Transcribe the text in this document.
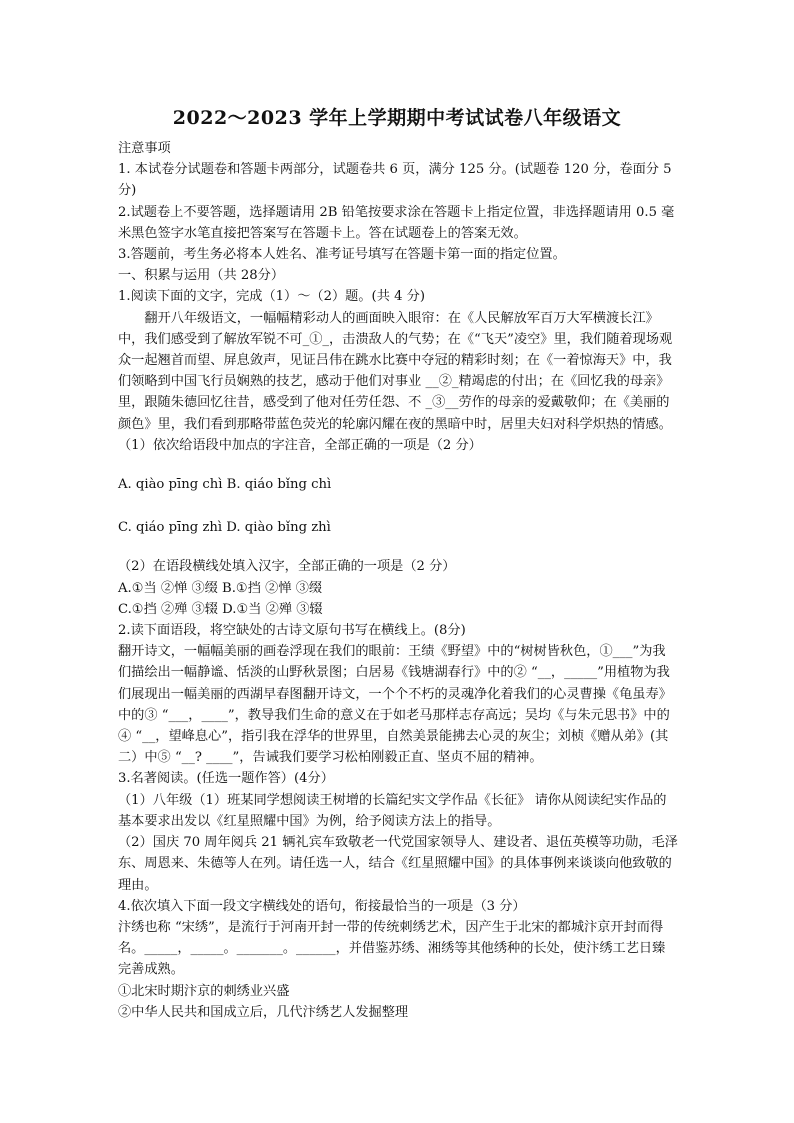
2022～2023 学年上学期期中考试试卷八年级语文

注意事项

1. 本试卷分试题卷和答题卡两部分，试题卷共 6 页，满分 125 分。(试题卷 120 分，卷面分 5 分)

2.试题卷上不要答题，选择题请用 2B 铅笔按要求涂在答题卡上指定位置，非选择题请用 0.5 毫米黑色签字水笔直接把答案写在答题卡上。答在试题卷上的答案无效。

3.答题前，考生务必将本人姓名、准考证号填写在答题卡第一面的指定位置。

一、积累与运用（共 28分）

1.阅读下面的文字，完成（1）～（2）题。(共 4 分)

翻开八年级语文，一幅幅精彩动人的画面映入眼帘：在《人民解放军百万大军横渡长江》中，我们感受到了解放军锐不可_①_，击溃敌人的气势；在《“飞天”凌空》里，我们随着现场观众一起翘首而望、屏息敛声，见证吕伟在跳水比赛中夺冠的精彩时刻；在《一着惊海天》中，我们领略到中国飞行员娴熟的技艺，感动于他们对事业 __②_精竭虑的付出；在《回忆我的母亲》里，跟随朱德回忆往昔，感受到了他对任劳任怨、不 _③__劳作的母亲的爱戴敬仰；在《美丽的颜色》里，我们看到那略带蓝色荧光的轮廓闪耀在夜的黑暗中时，居里夫妇对科学炽热的情感。

（1）依次给语段中加点的字注音，全部正确的一项是（2 分）

A. qiào pīng chì B. qiáo bǐng chì

C. qiáo pīng zhì D. qiào bǐng zhì

（2）在语段横线处填入汉字，全部正确的一项是（2 分）

A.①当 ②惮 ③缀 B.①挡 ②惮 ③缀

C.①挡 ②殚 ③辍 D.①当 ②殚 ③辍

2.读下面语段，将空缺处的古诗文原句书写在横线上。(8分)

翻开诗文，一幅幅美丽的画卷浮现在我们的眼前：王绩《野望》中的“树树皆秋色，①___”为我们描绘出一幅静谧、恬淡的山野秋景图；白居易《钱塘湖春行》中的② “__，_____”用植物为我们展现出一幅美丽的西湖早春图翻开诗文，一个个不朽的灵魂净化着我们的心灵曹操《龟虽寿》中的③ “___，____”，教导我们生命的意义在于如老马那样志存高远；吴均《与朱元思书》中的④ “__，望峰息心”，指引我在浮华的世界里，自然美景能拂去心灵的灰尘；刘桢《赠从弟》(其二）中⑤ “__? ____”，告诫我们要学习松柏刚毅正直、坚贞不屈的精神。

3.名著阅读。(任选一题作答）(4分）

（1）八年级（1）班某同学想阅读王树增的长篇纪实文学作品《长征》 请你从阅读纪实作品的基本要求出发以《红星照耀中国》为例，给予阅读方法上的指导。

（2）国庆 70 周年阅兵 21 辆礼宾车致敬老一代党国家领导人、建设者、退伍英模等功勋，毛泽东、周恩来、朱德等人在列。请任选一人，结合《红星照耀中国》的具体事例来谈谈向他致敬的理由。

4.依次填入下面一段文字横线处的语句，衔接最恰当的一项是（3 分）

汴绣也称 “宋绣”，是流行于河南开封一带的传统刺绣艺术，因产生于北宋的都城汴京开封而得名。_____，_____。_______。______，并借鉴苏绣、湘绣等其他绣种的长处，使汴绣工艺日臻完善成熟。

①北宋时期汴京的刺绣业兴盛

②中华人民共和国成立后，几代汴绣艺人发掘整理
